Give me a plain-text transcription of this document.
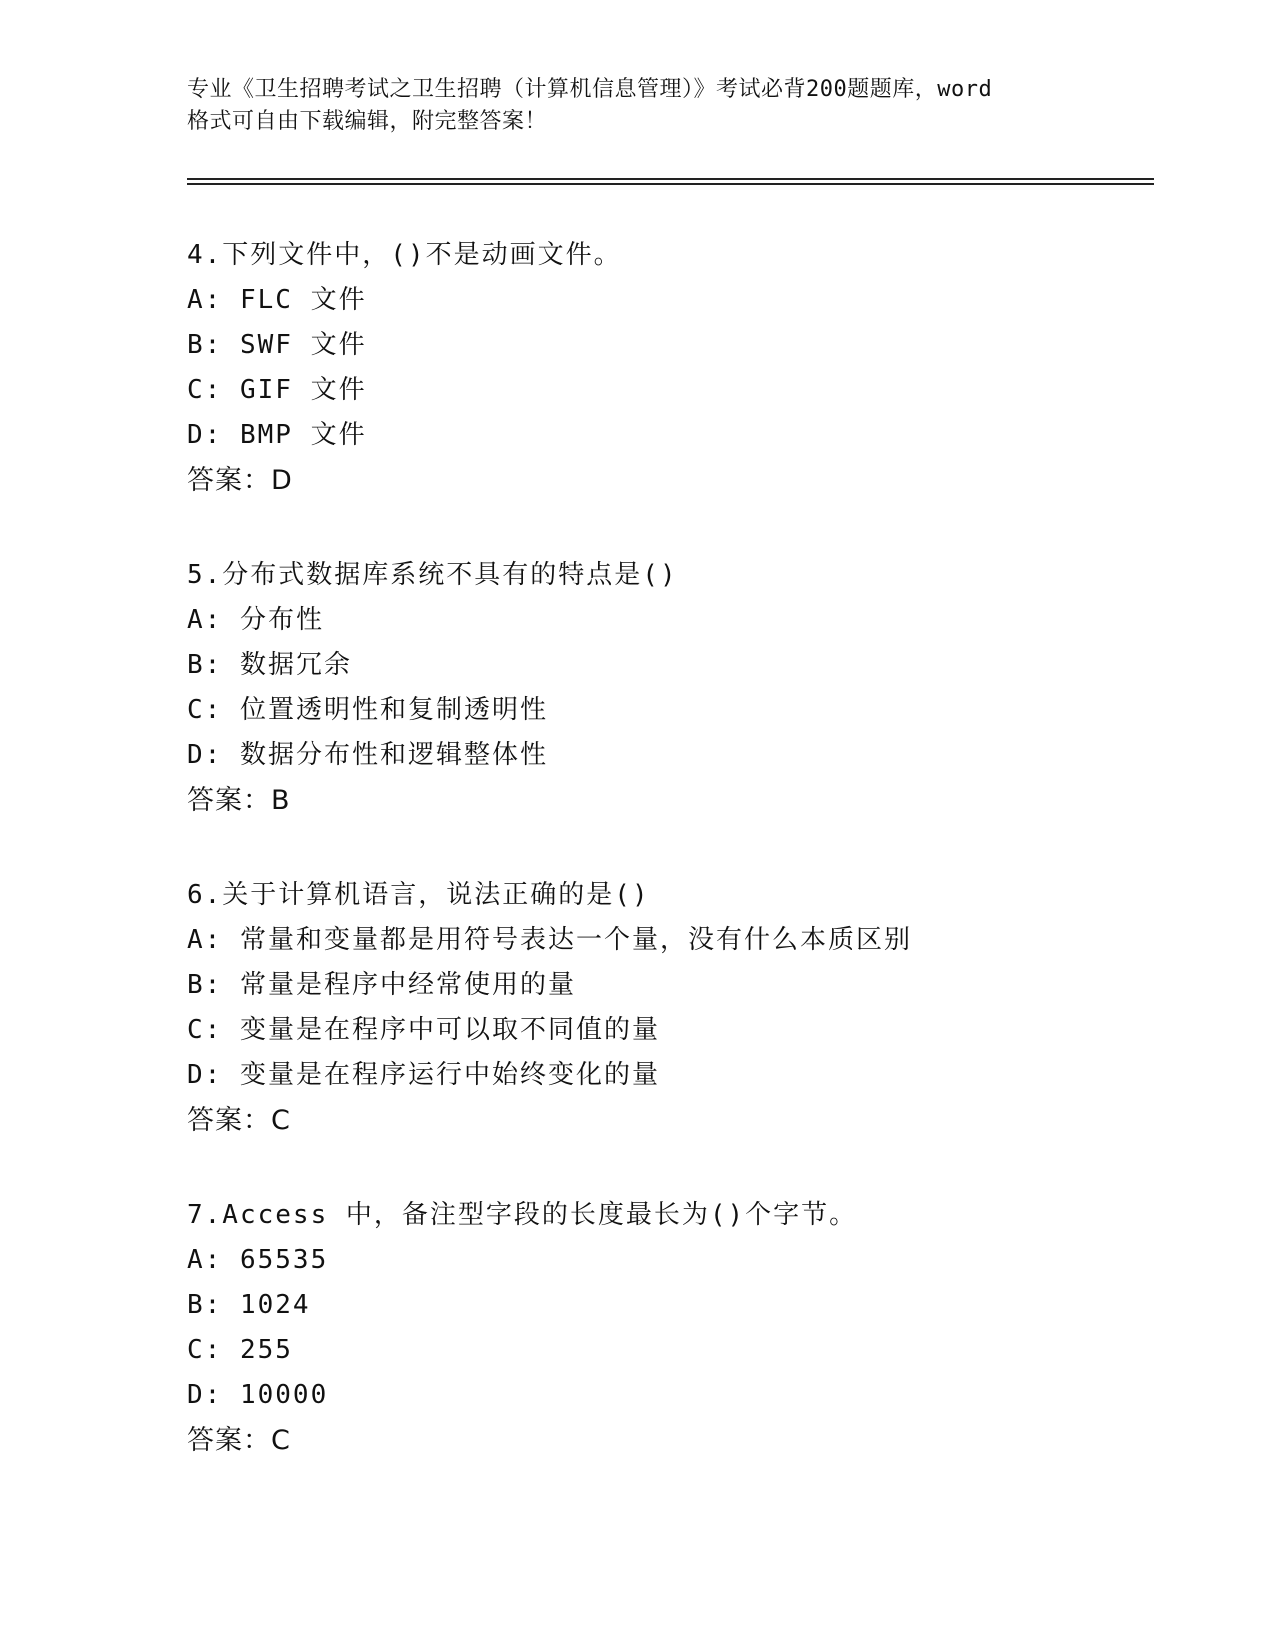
专业《卫生招聘考试之卫生招聘（计算机信息管理）》考试必背200题题库，word
格式可自由下载编辑，附完整答案！
4.下列文件中，()不是动画文件。
A: FLC 文件
B: SWF 文件
C: GIF 文件
D: BMP 文件
答案：D
5.分布式数据库系统不具有的特点是()
A: 分布性
B: 数据冗余
C: 位置透明性和复制透明性
D: 数据分布性和逻辑整体性
答案：B
6.关于计算机语言，说法正确的是()
A: 常量和变量都是用符号表达一个量，没有什么本质区别
B: 常量是程序中经常使用的量
C: 变量是在程序中可以取不同值的量
D: 变量是在程序运行中始终变化的量
答案：C
7.Access 中，备注型字段的长度最长为()个字节。
A: 65535
B: 1024
C: 255
D: 10000
答案：C
